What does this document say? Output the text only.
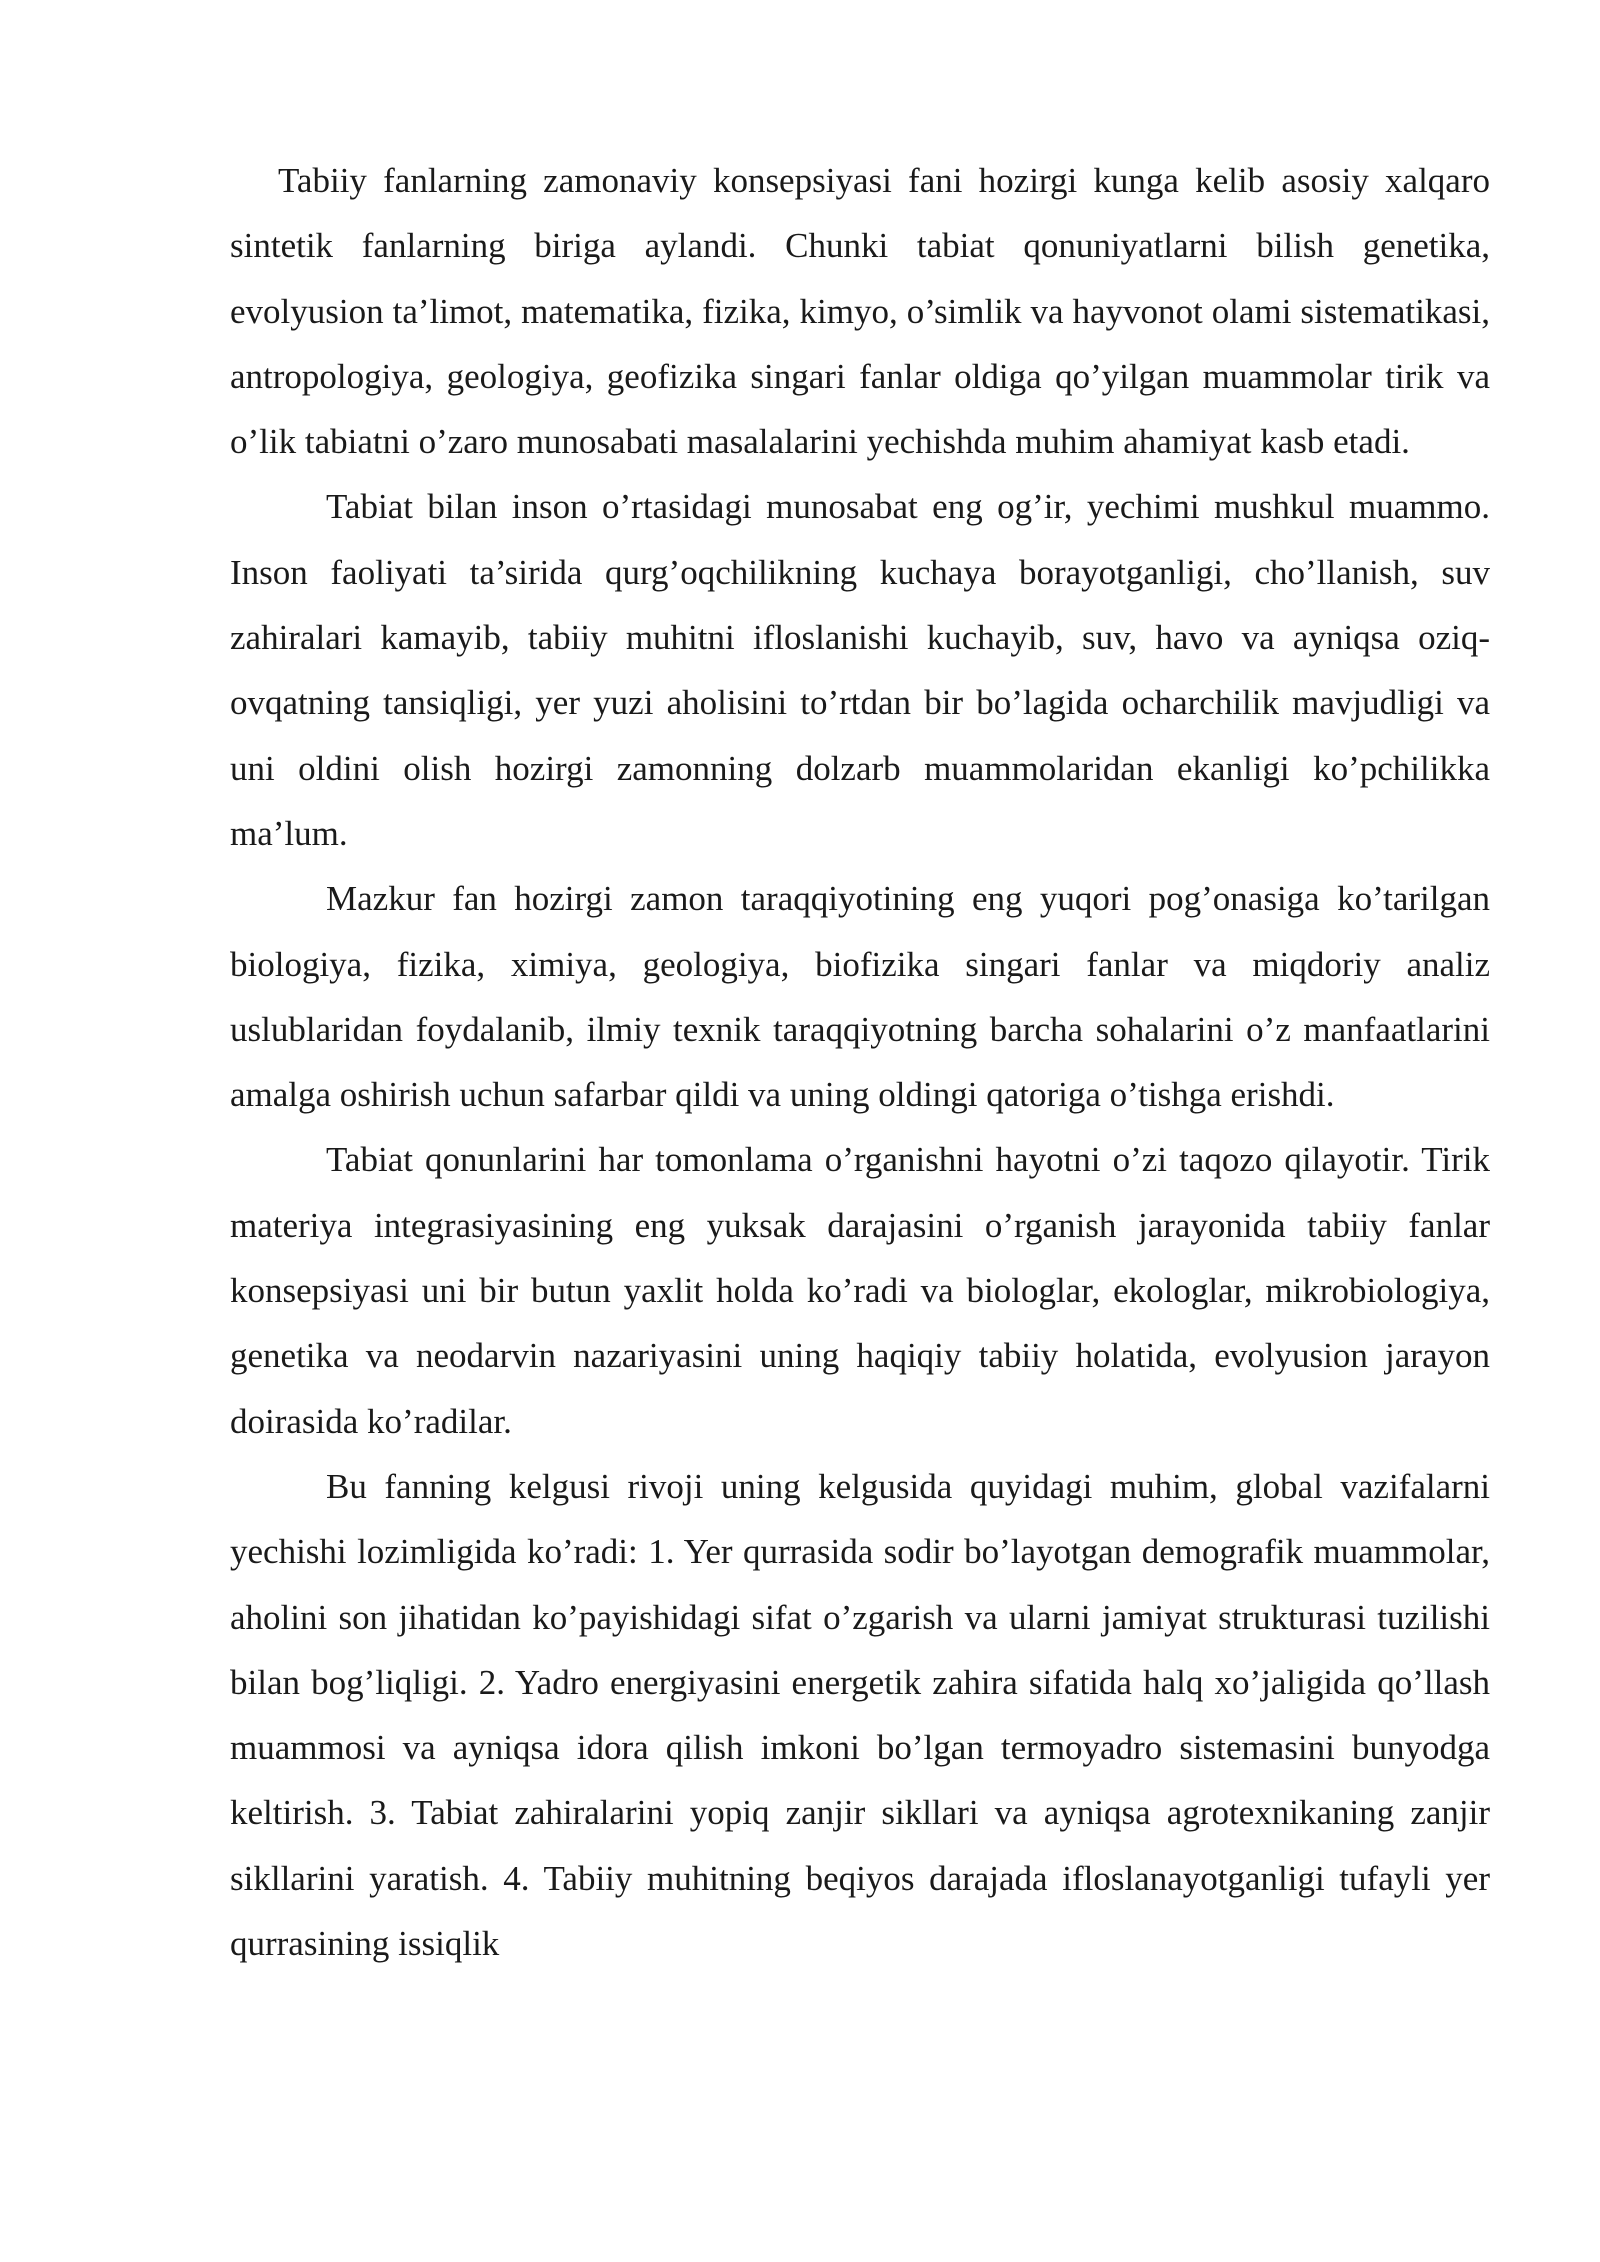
Tabiiy fanlarning zamonaviy konsepsiyasi fani hozirgi kunga kelib asosiy xalqaro sintetik fanlarning biriga aylandi. Chunki tabiat qonuniyatlarni bilish genetika, evolyusion ta’limot, matematika, fizika, kimyo, o’simlik va hayvonot olami sistematikasi, antropologiya, geologiya, geofizika singari fanlar oldiga qo’yilgan muammolar tirik va o’lik tabiatni o’zaro munosabati masalalarini yechishda muhim ahamiyat kasb etadi.

Tabiat bilan inson o’rtasidagi munosabat eng og’ir, yechimi mushkul muammo. Inson faoliyati ta’sirida qurg’oqchilikning kuchaya borayotganligi, cho’llanish, suv zahiralari kamayib, tabiiy muhitni ifloslanishi kuchayib, suv, havo va ayniqsa oziq-ovqatning tansiqligi, yer yuzi aholisini to’rtdan bir bo’lagida ocharchilik mavjudligi va uni oldini olish hozirgi zamonning dolzarb muammolaridan ekanligi ko’pchilikka ma’lum.

Mazkur fan hozirgi zamon taraqqiyotining eng yuqori pog’onasiga ko’tarilgan biologiya, fizika, ximiya, geologiya, biofizika singari fanlar va miqdoriy analiz uslublaridan foydalanib, ilmiy texnik taraqqiyotning barcha sohalarini o’z manfaatlarini amalga oshirish uchun safarbar qildi va uning oldingi qatoriga o’tishga erishdi.

Tabiat qonunlarini har tomonlama o’rganishni hayotni o’zi taqozo qilayotir. Tirik materiya integrasiyasining eng yuksak darajasini o’rganish jarayonida tabiiy fanlar konsepsiyasi uni bir butun yaxlit holda ko’radi va biologlar, ekologlar, mikrobiologiya, genetika va neodarvin nazariyasini uning haqiqiy tabiiy holatida, evolyusion jarayon doirasida ko’radilar.

Bu fanning kelgusi rivoji uning kelgusida quyidagi muhim, global vazifalarni yechishi lozimligida ko’radi: 1. Yer qurrasida sodir bo’layotgan demografik muammolar, aholini son jihatidan ko’payishidagi sifat o’zgarish va ularni jamiyat strukturasi tuzilishi bilan bog’liqligi. 2. Yadro energiyasini energetik zahira sifatida halq xo’jaligida qo’llash muammosi va ayniqsa idora qilish imkoni bo’lgan termoyadro sistemasini bunyodga keltirish. 3. Tabiat zahiralarini yopiq zanjir sikllari va ayniqsa agrotexnikaning zanjir sikllarini yaratish. 4. Tabiiy muhitning beqiyos darajada ifloslanayotganligi tufayli yer qurrasining issiqlik
